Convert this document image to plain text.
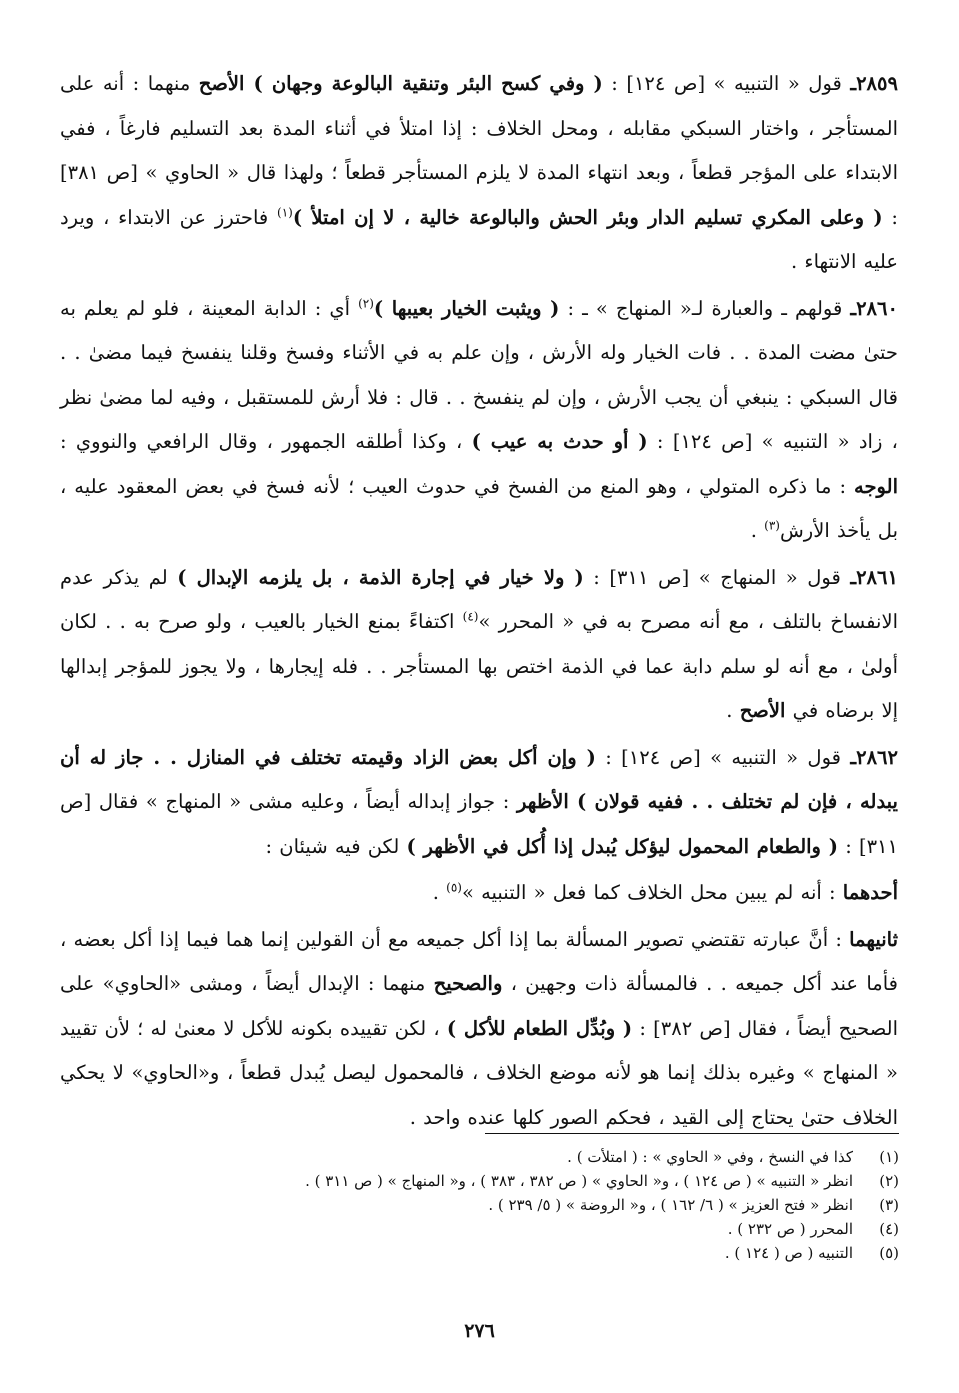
٢٨٥٩ـ قول « التنبيه » [ص ١٢٤] : ( وفي كسح البئر وتنقية البالوعة وجهان ) الأصح منهما : أنه على المستأجر ، واختار السبكي مقابله ، ومحل الخلاف : إذا امتلأ في أثناء المدة بعد التسليم فارغاً ، ففي الابتداء على المؤجر قطعاً ، وبعد انتهاء المدة لا يلزم المستأجر قطعاً ؛ ولهذا قال « الحاوي » [ص ٣٨١] : ( وعلى المكري تسليم الدار وبئر الحش والبالوعة خالية ، لا إن امتلأ )$^{(١)}$ فاحترز عن الابتداء ، ويرد عليه الانتهاء .

٢٨٦٠ـ قولهم ـ والعبارة لـ« المنهاج » ـ : ( ويثبت الخيار بعيبها )$^{(٢)}$ أي : الدابة المعينة ، فلو لم يعلم به حتىٰ مضت المدة . . فات الخيار وله الأرش ، وإن علم به في الأثناء وفسخ وقلنا ينفسخ فيما مضىٰ . . قال السبكي : ينبغي أن يجب الأرش ، وإن لم ينفسخ . . قال : فلا أرش للمستقبل ، وفيه لما مضىٰ نظر ، زاد « التنبيه » [ص ١٢٤] : ( أو حدث به عيب ) ، وكذا أطلقه الجمهور ، وقال الرافعي والنووي : الوجه : ما ذكره المتولي ، وهو المنع من الفسخ في حدوث العيب ؛ لأنه فسخ في بعض المعقود عليه ، بل يأخذ الأرش$^{(٣)}$ .

٢٨٦١ـ قول « المنهاج » [ص ٣١١] : ( ولا خيار في إجارة الذمة ، بل يلزمه الإبدال ) لم يذكر عدم الانفساخ بالتلف ، مع أنه مصرح به في « المحرر »$^{(٤)}$ اكتفاءً بمنع الخيار بالعيب ، ولو صرح به . . لكان أولىٰ ، مع أنه لو سلم دابة عما في الذمة اختص بها المستأجر . . فله إيجارها ، ولا يجوز للمؤجر إبدالها إلا برضاه في الأصح .

٢٨٦٢ـ قول « التنبيه » [ص ١٢٤] : ( وإن أكل بعض الزاد وقيمته تختلف في المنازل . . جاز له أن يبدله ، فإن لم تختلف . . ففيه قولان ) الأظهر : جواز إبداله أيضاً ، وعليه مشى « المنهاج » فقال [ص ٣١١] : ( والطعام المحمول ليؤكل يُبدل إذا أُكل في الأظهر ) لكن فيه شيئان :

أحدهما : أنه لم يبين محل الخلاف كما فعل « التنبيه »$^{(٥)}$ .

ثانيهما : أنَّ عبارته تقتضي تصوير المسألة بما إذا أكل جميعه مع أن القولين إنما هما فيما إذا أكل بعضه ، فأما عند أكل جميعه . . فالمسألة ذات وجهين ، والصحيح منهما : الإبدال أيضاً ، ومشى «الحاوي» على الصحيح أيضاً ، فقال [ص ٣٨٢] : ( وبُدِّل الطعام للأكل ) ، لكن تقييده بكونه للأكل لا معنىٰ له ؛ لأن تقييد « المنهاج » وغيره بذلك إنما هو لأنه موضع الخلاف ، فالمحمول ليصل يُبدل قطعاً ، و«الحاوي» لا يحكي الخلاف حتىٰ يحتاج إلى القيد ، فحكم الصور كلها عنده واحد .

(١)
كذا في النسخ ، وفي « الحاوي » : ( امتلأت ) .
(٢)
انظر « التنبيه » ( ص ١٢٤ ) ، و« الحاوي » ( ص ٣٨٢ ، ٣٨٣ ) ، و« المنهاج » ( ص ٣١١ ) .
(٣)
انظر « فتح العزيز » ( ٦/ ١٦٢ ) ، و« الروضة » ( ٥/ ٢٣٩ ) .
(٤)
المحرر ( ص ٢٣٢ ) .
(٥)
التنبيه ( ص ( ١٢٤ ) .
٢٧٦
